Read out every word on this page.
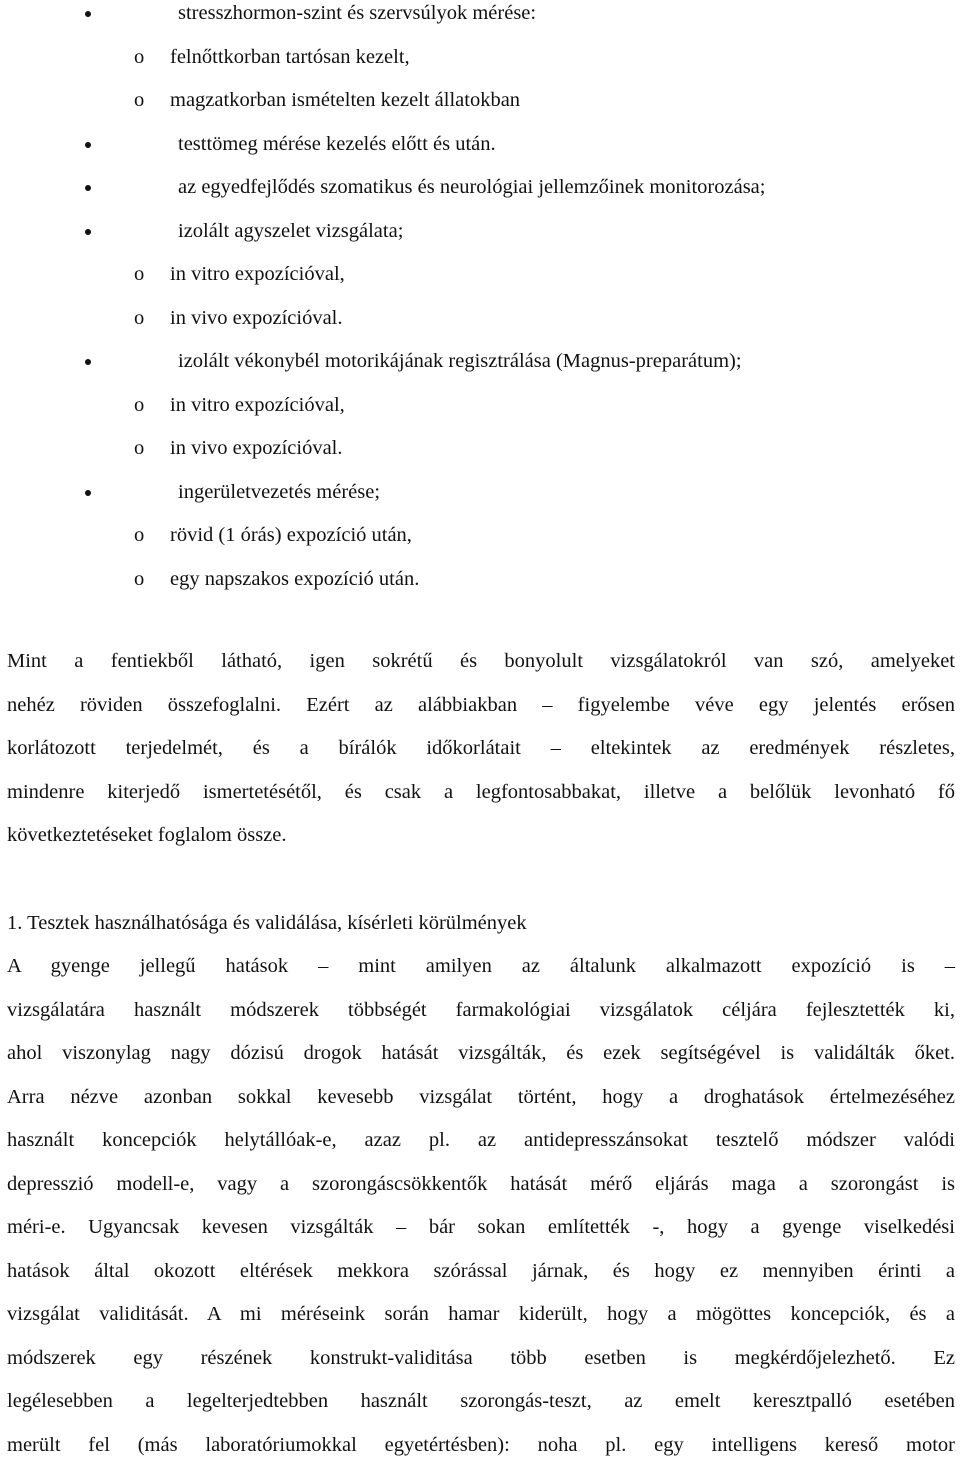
stresszhormon-szint és szervsúlyok mérése:
o felnőttkorban tartósan kezelt,
o magzatkorban ismételten kezelt állatokban
testtömeg mérése kezelés előtt és után.
az egyedfejlődés szomatikus és neurológiai jellemzőinek monitorozása;
izolált agyszelet vizsgálata;
o in vitro expozícióval,
o in vivo expozícióval.
izolált vékonybél motorikájának regisztrálása (Magnus-preparátum);
o in vitro expozícióval,
o in vivo expozícióval.
ingerületvezetés mérése;
o rövid (1 órás) expozíció után,
o egy napszakos expozíció után.
Mint a fentiekből látható, igen sokrétű és bonyolult vizsgálatokról van szó, amelyeket
nehéz röviden összefoglalni. Ezért az alábbiakban – figyelembe véve egy jelentés erősen
korlátozott terjedelmét, és a bírálók időkorlátait – eltekintek az eredmények részletes,
mindenre kiterjedő ismertetésétől, és csak a legfontosabbakat, illetve a belőlük levonható fő
következtetéseket foglalom össze.
1. Tesztek használhatósága és validálása, kísérleti körülmények
A gyenge jellegű hatások – mint amilyen az általunk alkalmazott expozíció is –
vizsgálatára használt módszerek többségét farmakológiai vizsgálatok céljára fejlesztették ki,
ahol viszonylag nagy dózisú drogok hatását vizsgálták, és ezek segítségével is validálták őket.
Arra nézve azonban sokkal kevesebb vizsgálat történt, hogy a droghatások értelmezéséhez
használt koncepciók helytállóak-e, azaz pl. az antidepresszánsokat tesztelő módszer valódi
depresszió modell-e, vagy a szorongáscsökkentők hatását mérő eljárás maga a szorongást is
méri-e. Ugyancsak kevesen vizsgálták – bár sokan említették -, hogy a gyenge viselkedési
hatások által okozott eltérések mekkora szórással járnak, és hogy ez mennyiben érinti a
vizsgálat validitását. A mi méréseink során hamar kiderült, hogy a mögöttes koncepciók, és a
módszerek egy részének konstrukt-validitása több esetben is megkérdőjelezhető. Ez
legélesebben a legelterjedtebben használt szorongás-teszt, az emelt keresztpalló esetében
merült fel (más laboratóriumokkal egyetértésben): noha pl. egy intelligens kereső motor
